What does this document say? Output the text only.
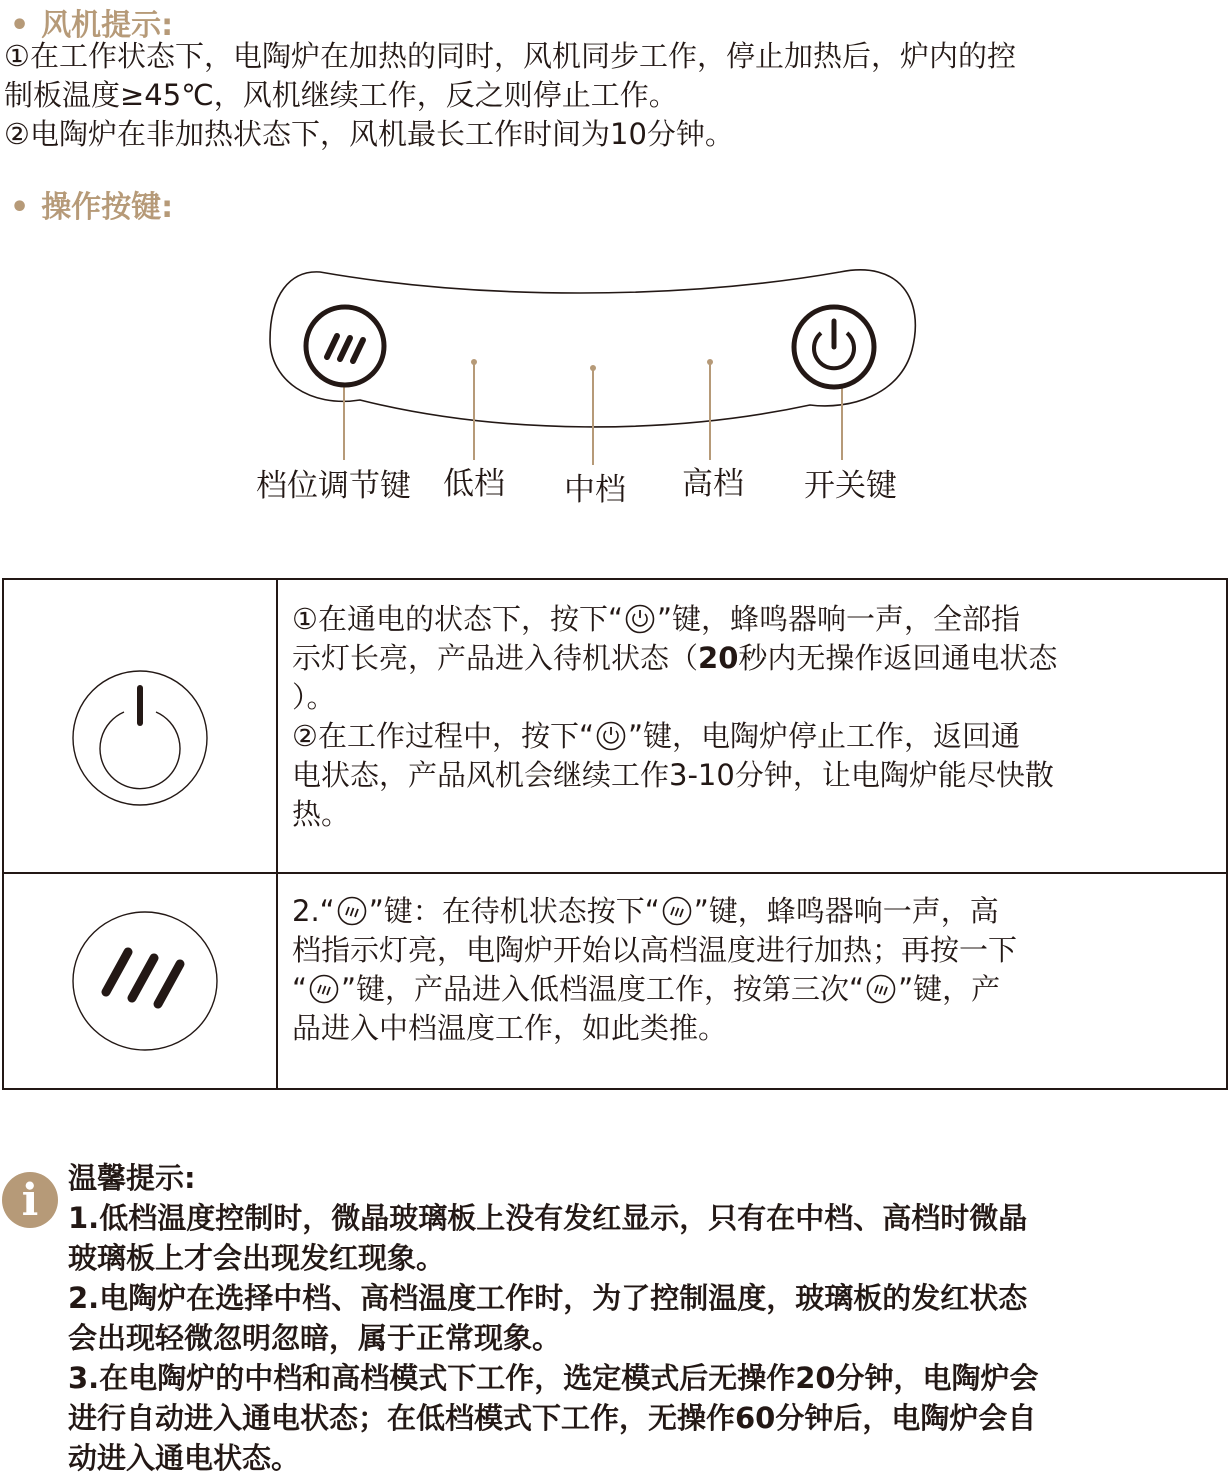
• 风机提示:
①在工作状态下，电陶炉在加热的同时，风机同步工作，停止加热后，炉内的控
制板温度≥45℃，风机继续工作，反之则停止工作。
②电陶炉在非加热状态下，风机最长工作时间为10分钟。
• 操作按键:
档位调节键 低档 中档 高档 开关键
①在通电的状态下，按下“ ”键，蜂鸣器响一声，全部指
示灯长亮，产品进入待机状态（20秒内无操作返回通电状态
）。
②在工作过程中，按下“ ”键，电陶炉停止工作，返回通
电状态，产品风机会继续工作3-10分钟，让电陶炉能尽快散
热。
2.“ ”键：在待机状态按下“ ”键，蜂鸣器响一声，高
档指示灯亮，电陶炉开始以高档温度进行加热；再按一下
“ ”键，产品进入低档温度工作，按第三次“ ”键，产
品进入中档温度工作，如此类推。
i	温馨提示:
1.低档温度控制时，微晶玻璃板上没有发红显示，只有在中档、高档时微晶
玻璃板上才会出现发红现象。
2.电陶炉在选择中档、高档温度工作时，为了控制温度，玻璃板的发红状态
会出现轻微忽明忽暗，属于正常现象。
3.在电陶炉的中档和高档模式下工作，选定模式后无操作20分钟，电陶炉会
进行自动进入通电状态；在低档模式下工作，无操作60分钟后，电陶炉会自
动进入通电状态。
